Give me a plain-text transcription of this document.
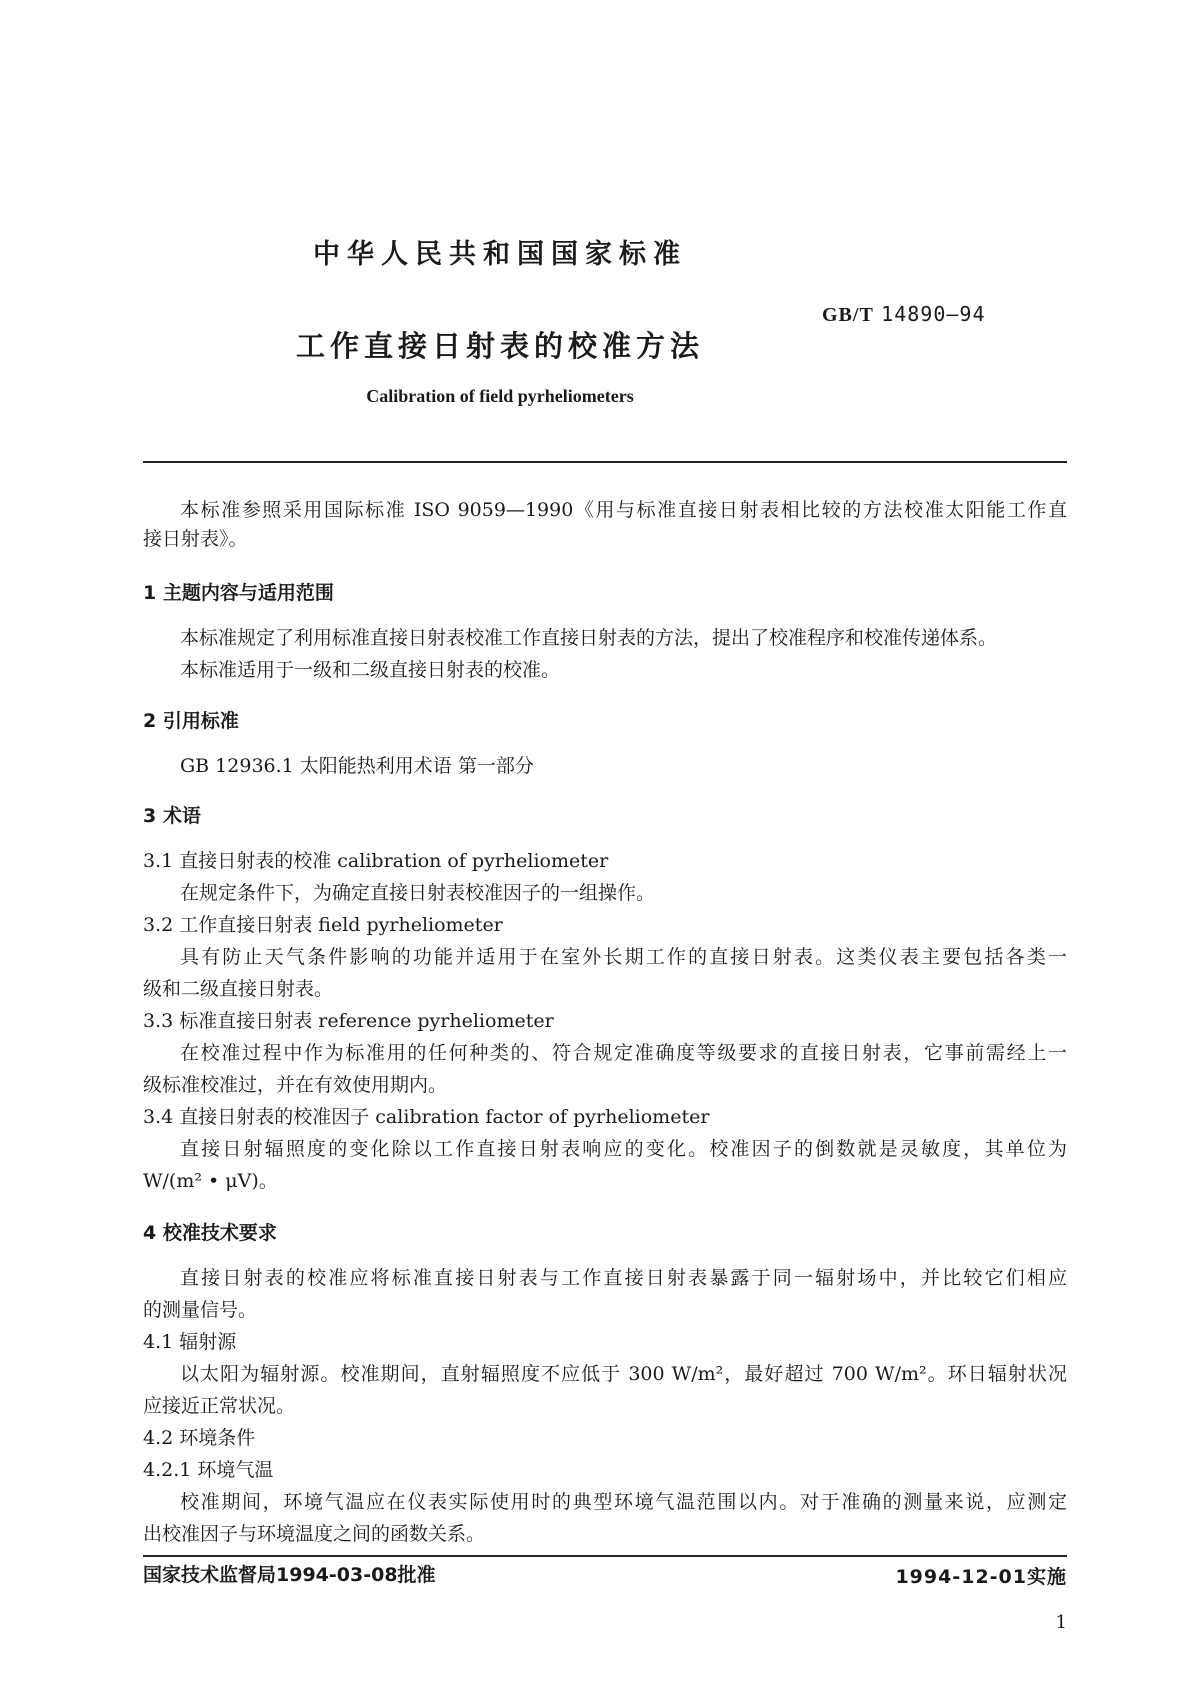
中华人民共和国国家标准
GB/T 14890—94
工作直接日射表的校准方法
Calibration of field pyrheliometers
本标准参照采用国际标准 ISO 9059—1990《用与标准直接日射表相比较的方法校准太阳能工作直
接日射表》。
1 主题内容与适用范围
本标准规定了利用标准直接日射表校准工作直接日射表的方法，提出了校准程序和校准传递体系。
本标准适用于一级和二级直接日射表的校准。
2 引用标准
GB 12936.1 太阳能热利用术语 第一部分
3 术语
3.1 直接日射表的校准 calibration of pyrheliometer
在规定条件下，为确定直接日射表校准因子的一组操作。
3.2 工作直接日射表 field pyrheliometer
具有防止天气条件影响的功能并适用于在室外长期工作的直接日射表。这类仪表主要包括各类一
级和二级直接日射表。
3.3 标准直接日射表 reference pyrheliometer
在校准过程中作为标准用的任何种类的、符合规定准确度等级要求的直接日射表，它事前需经上一
级标准校准过，并在有效使用期内。
3.4 直接日射表的校准因子 calibration factor of pyrheliometer
直接日射辐照度的变化除以工作直接日射表响应的变化。校准因子的倒数就是灵敏度，其单位为
W/(m² • μV)。
4 校准技术要求
直接日射表的校准应将标准直接日射表与工作直接日射表暴露于同一辐射场中，并比较它们相应
的测量信号。
4.1 辐射源
以太阳为辐射源。校准期间，直射辐照度不应低于 300 W/m²，最好超过 700 W/m²。环日辐射状况
应接近正常状况。
4.2 环境条件
4.2.1 环境气温
校准期间，环境气温应在仪表实际使用时的典型环境气温范围以内。对于准确的测量来说，应测定
出校准因子与环境温度之间的函数关系。
国家技术监督局1994-03-08批准	1994-12-01实施
1
